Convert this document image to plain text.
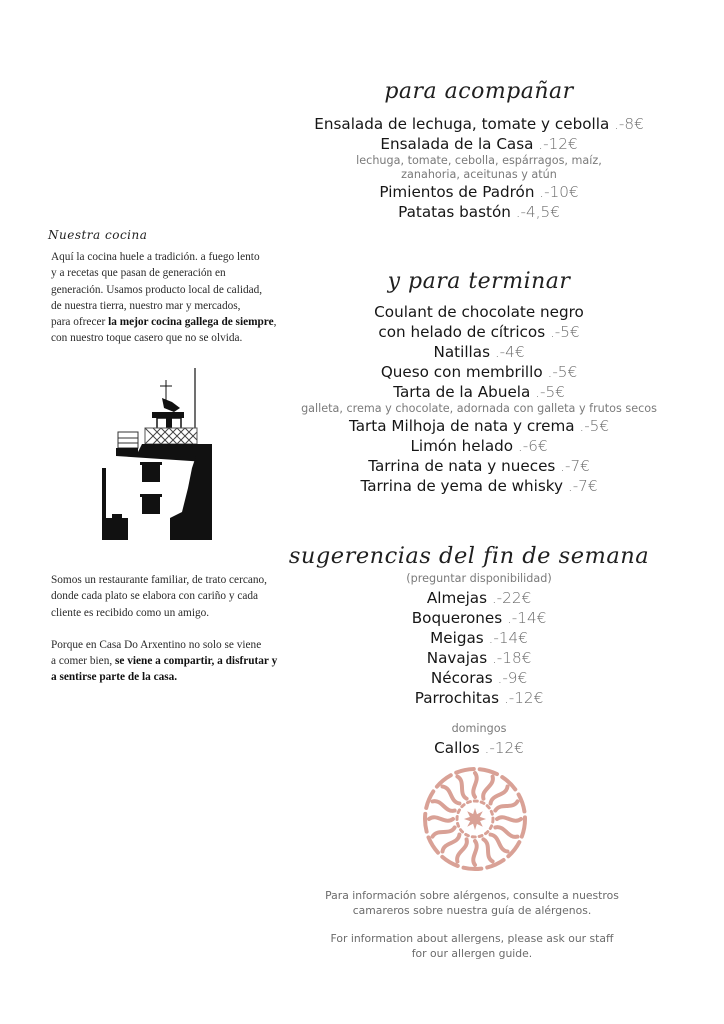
para acompañar
Ensalada de lechuga, tomate y cebolla .-8€
Ensalada de la Casa .-12€
lechuga, tomate, cebolla, espárragos, maíz,
zanahoria, aceitunas y atún
Pimientos de Padrón .-10€
Patatas bastón .-4,5€
y para terminar
Coulant de chocolate negro
con helado de cítricos .-5€
Natillas .-4€
Queso con membrillo .-5€
Tarta de la Abuela .-5€
galleta, crema y chocolate, adornada con galleta y frutos secos
Tarta Milhoja de nata y crema .-5€
Limón helado .-6€
Tarrina de nata y nueces .-7€
Tarrina de yema de whisky .-7€
sugerencias del fin de semana
(preguntar disponibilidad)
Almejas .-22€
Boquerones .-14€
Meigas .-14€
Navajas .-18€
Nécoras .-9€
Parrochitas .-12€
domingos
Callos .-12€
Para información sobre alérgenos, consulte a nuestros
camareros sobre nuestra guía de alérgenos.
For information about allergens, please ask our staff
for our allergen guide.
Nuestra cocina
Aquí la cocina huele a tradición. a fuego lento
y a recetas que pasan de generación en
generación. Usamos producto local de calidad,
de nuestra tierra, nuestro mar y mercados,
para ofrecer la mejor cocina gallega de siempre,
con nuestro toque casero que no se olvida.
Somos un restaurante familiar, de trato cercano,
donde cada plato se elabora con cariño y cada
cliente es recibido como un amigo.
Porque en Casa Do Arxentino no solo se viene
a comer bien, se viene a compartir, a disfrutar y
a sentirse parte de la casa.
